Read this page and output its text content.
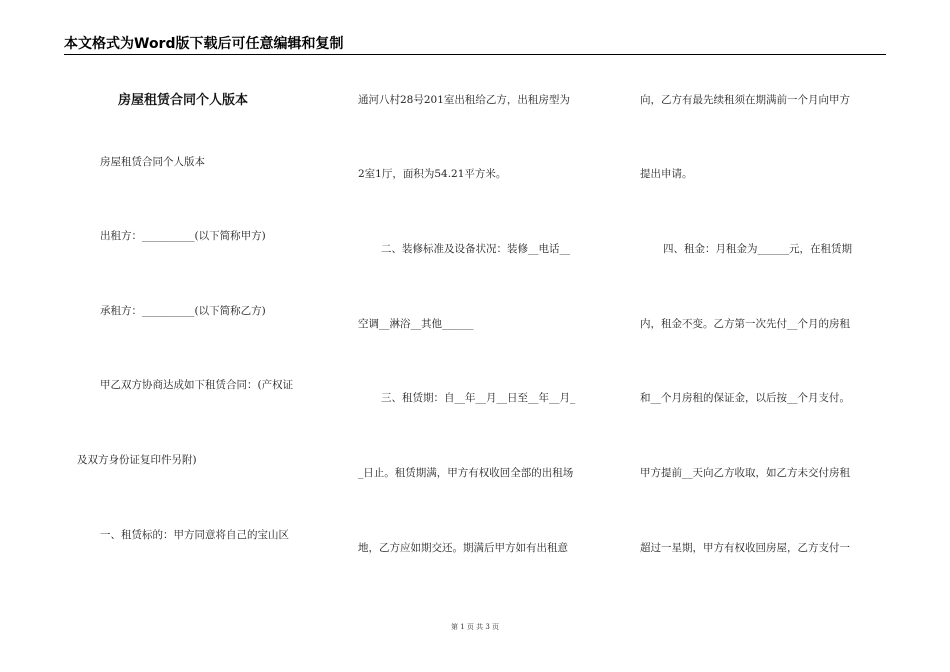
本文格式为Word版下载后可任意编辑和复制
房屋租赁合同个人版本
房屋租赁合同个人版本
出租方：__________(以下简称甲方)
承租方：__________(以下简称乙方)
甲乙双方协商达成如下租赁合同：(产权证
及双方身份证复印件另附)
一、租赁标的：甲方同意将自己的宝山区
通河八村28号201室出租给乙方，出租房型为
2室1厅，面积为54.21平方米。
二、装修标准及设备状况：装修__电话__
空调__淋浴__其他______
三、租赁期：自__年__月__日至__年__月_
_日止。租赁期满，甲方有权收回全部的出租场
地，乙方应如期交还。期满后甲方如有出租意
向，乙方有最先续租须在期满前一个月向甲方
提出申请。
四、租金：月租金为______元，在租赁期
内，租金不变。乙方第一次先付__个月的房租
和__个月房租的保证金，以后按__个月支付。
甲方提前__天向乙方收取，如乙方未交付房租
超过一星期，甲方有权收回房屋，乙方支付一
第 1 页 共 3 页
